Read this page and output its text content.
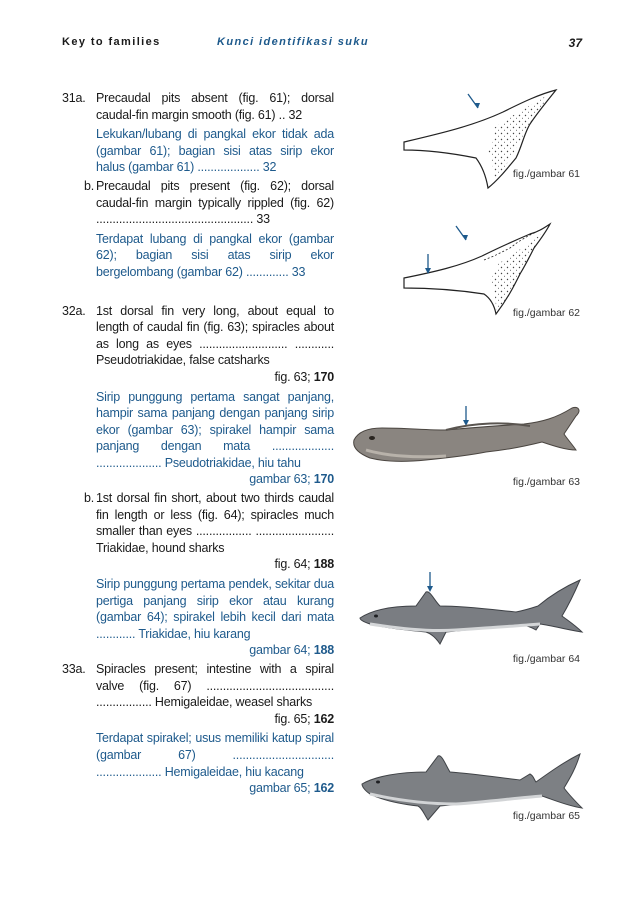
Key to families	Kunci identifikasi suku	37
31a. Precaudal pits absent (fig. 61); dorsal caudal-fin margin smooth (fig. 61) .. 32
Lekukan/lubang di pangkal ekor tidak ada (gambar 61); bagian sisi atas sirip ekor halus (gambar 61) ................... 32
b. Precaudal pits present (fig. 62); dorsal caudal-fin margin typically rippled (fig. 62) ................................................ 33
Terdapat lubang di pangkal ekor (gambar 62); bagian sisi atas sirip ekor bergelombang (gambar 62) ............. 33
32a. 1st dorsal fin very long, about equal to length of caudal fin (fig. 63); spiracles about as long as eyes ........................... ............ Pseudotriakidae, false catsharks
fig. 63; 170
Sirip punggung pertama sangat panjang, hampir sama panjang dengan panjang sirip ekor (gambar 63); spirakel hampir sama panjang dengan mata ................... .................... Pseudotriakidae, hiu tahu
gambar 63; 170
b. 1st dorsal fin short, about two thirds caudal fin length or less (fig. 64); spiracles much smaller than eyes ................. ........................ Triakidae, hound sharks
fig. 64; 188
Sirip punggung pertama pendek, sekitar dua pertiga panjang sirip ekor atau kurang (gambar 64); spirakel lebih kecil dari mata ............ Triakidae, hiu karang
gambar 64; 188
33a. Spiracles present; intestine with a spiral valve (fig. 67) ....................................... ................. Hemigaleidae, weasel sharks
fig. 65; 162
Terdapat spirakel; usus memiliki katup spiral (gambar 67) ............................... .................... Hemigaleidae, hiu kacang
gambar 65; 162
fig./gambar 61
fig./gambar 62
fig./gambar 63
fig./gambar 64
fig./gambar 65
